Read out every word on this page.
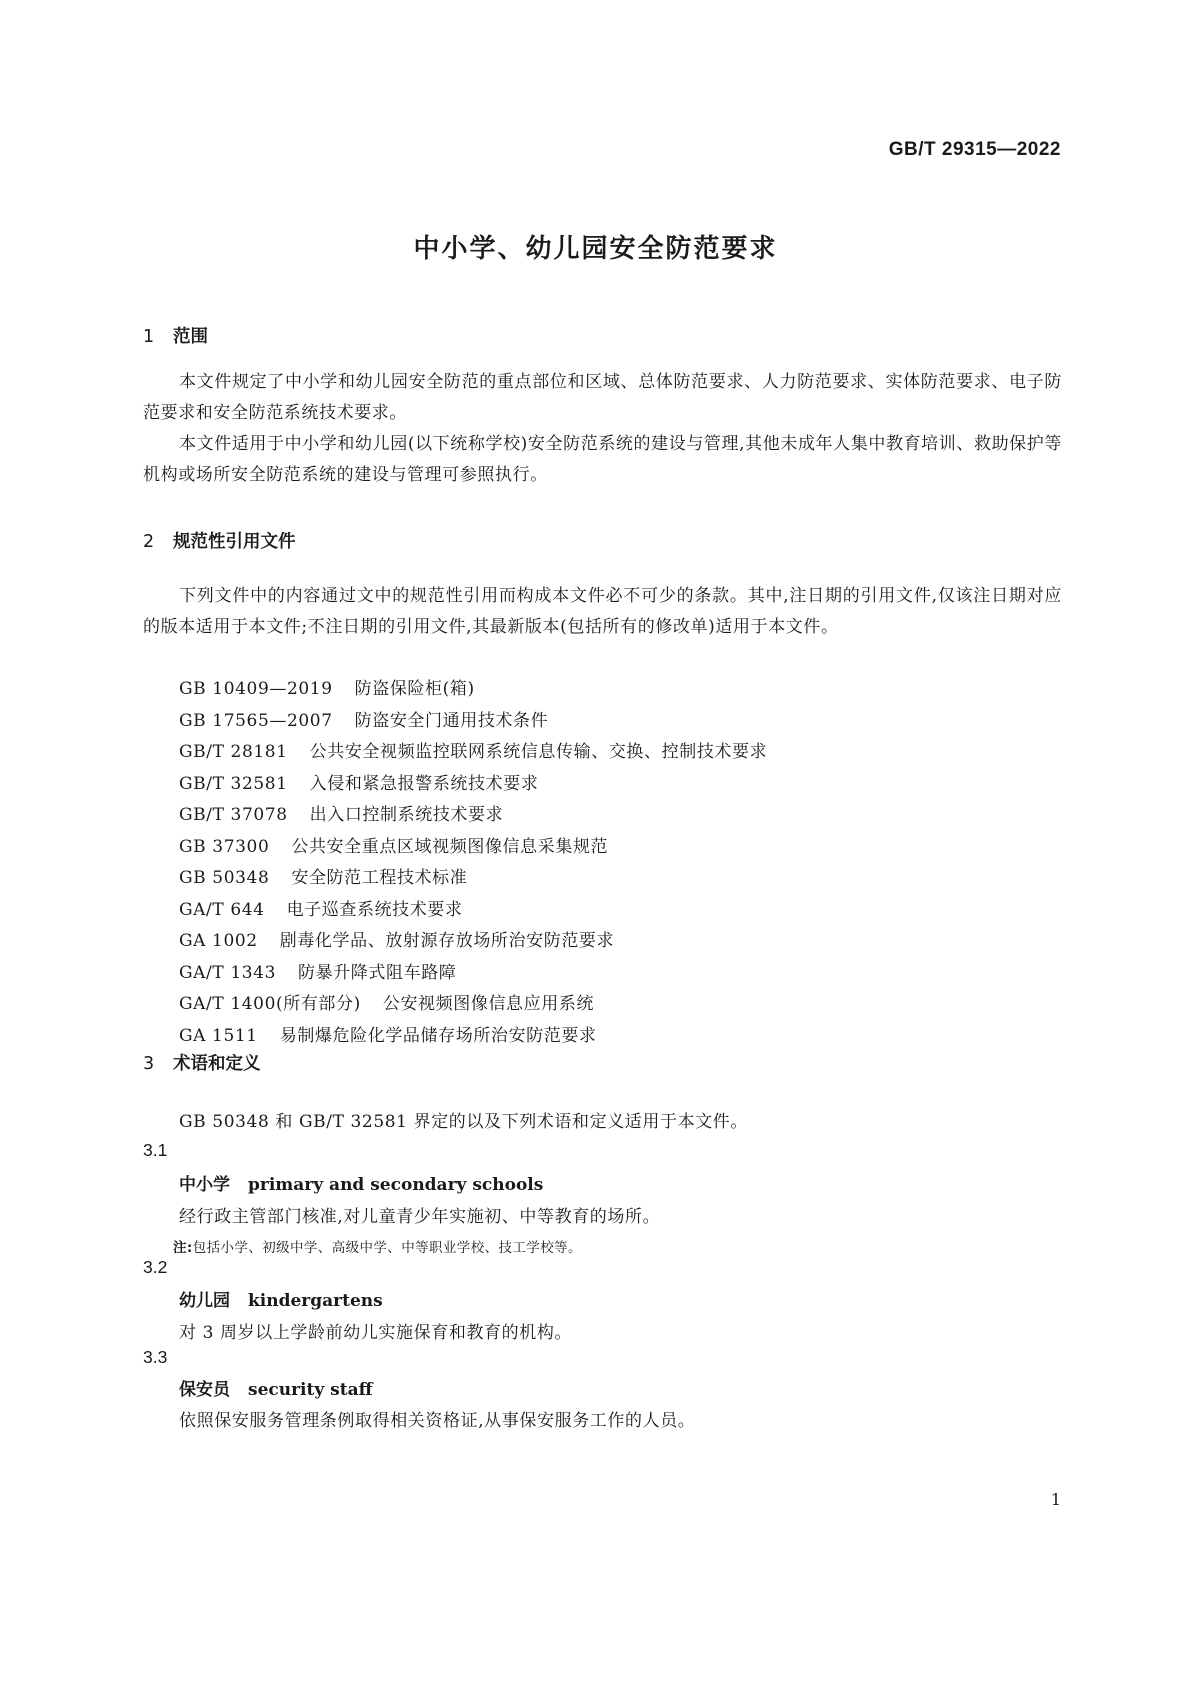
GB/T 29315—2022
中小学、幼儿园安全防范要求
1 范围

本文件规定了中小学和幼儿园安全防范的重点部位和区域、总体防范要求、人力防范要求、实体防范要求、电子防范要求和安全防范系统技术要求。

本文件适用于中小学和幼儿园(以下统称学校)安全防范系统的建设与管理,其他未成年人集中教育培训、救助保护等机构或场所安全防范系统的建设与管理可参照执行。

2 规范性引用文件

下列文件中的内容通过文中的规范性引用而构成本文件必不可少的条款。其中,注日期的引用文件,仅该注日期对应的版本适用于本文件;不注日期的引用文件,其最新版本(包括所有的修改单)适用于本文件。

GB 10409—2019 防盗保险柜(箱)
GB 17565—2007 防盗安全门通用技术条件
GB/T 28181 公共安全视频监控联网系统信息传输、交换、控制技术要求
GB/T 32581 入侵和紧急报警系统技术要求
GB/T 37078 出入口控制系统技术要求
GB 37300 公共安全重点区域视频图像信息采集规范
GB 50348 安全防范工程技术标准
GA/T 644 电子巡查系统技术要求
GA 1002 剧毒化学品、放射源存放场所治安防范要求
GA/T 1343 防暴升降式阻车路障
GA/T 1400(所有部分) 公安视频图像信息应用系统
GA 1511 易制爆危险化学品储存场所治安防范要求
3 术语和定义
GB 50348 和 GB/T 32581 界定的以及下列术语和定义适用于本文件。
3.1
中小学 primary and secondary schools
经行政主管部门核准,对儿童青少年实施初、中等教育的场所。
注:包括小学、初级中学、高级中学、中等职业学校、技工学校等。
3.2
幼儿园 kindergartens
对 3 周岁以上学龄前幼儿实施保育和教育的机构。
3.3
保安员 security staff
依照保安服务管理条例取得相关资格证,从事保安服务工作的人员。
1
